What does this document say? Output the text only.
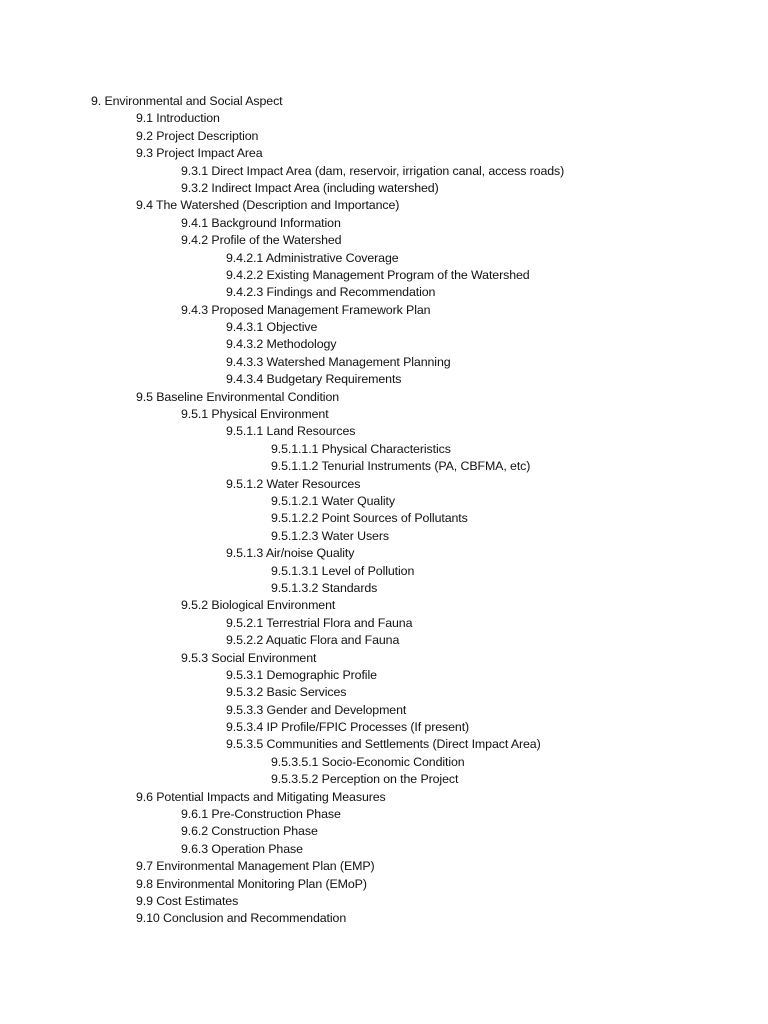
9. Environmental and Social Aspect
9.1 Introduction
9.2 Project Description
9.3 Project Impact Area
9.3.1 Direct Impact Area (dam, reservoir, irrigation canal, access roads)
9.3.2 Indirect Impact Area (including watershed)
9.4 The Watershed (Description and Importance)
9.4.1 Background Information
9.4.2 Profile of the Watershed
9.4.2.1 Administrative Coverage
9.4.2.2 Existing Management Program of the Watershed
9.4.2.3 Findings and Recommendation
9.4.3 Proposed Management Framework Plan
9.4.3.1 Objective
9.4.3.2 Methodology
9.4.3.3 Watershed Management Planning
9.4.3.4 Budgetary Requirements
9.5 Baseline Environmental Condition
9.5.1 Physical Environment
9.5.1.1 Land Resources
9.5.1.1.1 Physical Characteristics
9.5.1.1.2 Tenurial Instruments (PA, CBFMA, etc)
9.5.1.2 Water Resources
9.5.1.2.1 Water Quality
9.5.1.2.2 Point Sources of Pollutants
9.5.1.2.3 Water Users
9.5.1.3 Air/noise Quality
9.5.1.3.1 Level of Pollution
9.5.1.3.2 Standards
9.5.2 Biological Environment
9.5.2.1 Terrestrial Flora and Fauna
9.5.2.2 Aquatic Flora and Fauna
9.5.3 Social Environment
9.5.3.1 Demographic Profile
9.5.3.2 Basic Services
9.5.3.3 Gender and Development
9.5.3.4 IP Profile/FPIC Processes (If present)
9.5.3.5 Communities and Settlements (Direct Impact Area)
9.5.3.5.1 Socio-Economic Condition
9.5.3.5.2 Perception on the Project
9.6 Potential Impacts and Mitigating Measures
9.6.1 Pre-Construction Phase
9.6.2 Construction Phase
9.6.3 Operation Phase
9.7 Environmental Management Plan (EMP)
9.8 Environmental Monitoring Plan (EMoP)
9.9 Cost Estimates
9.10 Conclusion and Recommendation
